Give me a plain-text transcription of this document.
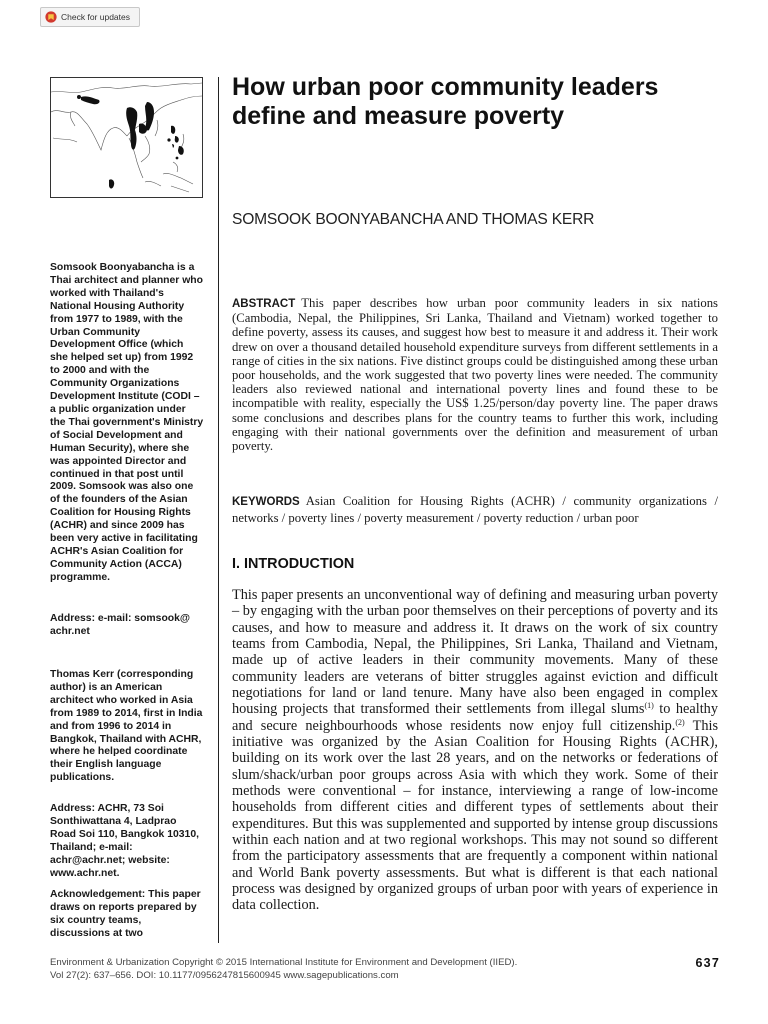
Check for updates

Somsook Boonyabancha is a Thai architect and planner who worked with Thailand's National Housing Authority from 1977 to 1989, with the Urban Community Development Office (which she helped set up) from 1992 to 2000 and with the Community Organizations Development Institute (CODI – a public organization under the Thai government's Ministry of Social Development and Human Security), where she was appointed Director and continued in that post until 2009. Somsook was also one of the founders of the Asian Coalition for Housing Rights (ACHR) and since 2009 has been very active in facilitating ACHR's Asian Coalition for Community Action (ACCA) programme.

Address: e-mail: somsook@ achr.net

Thomas Kerr (corresponding author) is an American architect who worked in Asia from 1989 to 2014, first in India and from 1996 to 2014 in Bangkok, Thailand with ACHR, where he helped coordinate their English language publications.

Address: ACHR, 73 Soi Sonthiwattana 4, Ladprao Road Soi 110, Bangkok 10310, Thailand; e-mail: achr@achr.net; website: www.achr.net.

Acknowledgement: This paper draws on reports prepared by six country teams, discussions at two

How urban poor community leaders define and measure poverty
SOMSOOK BOONYABANCHA AND THOMAS KERR

ABSTRACT This paper describes how urban poor community leaders in six nations (Cambodia, Nepal, the Philippines, Sri Lanka, Thailand and Vietnam) worked together to define poverty, assess its causes, and suggest how best to measure it and address it. Their work drew on over a thousand detailed household expenditure surveys from different settlements in a range of cities in the six nations. Five distinct groups could be distinguished among these urban poor households, and the work suggested that two poverty lines were needed. The community leaders also reviewed national and international poverty lines and found these to be incompatible with reality, especially the US$ 1.25/person/day poverty line. The paper draws some conclusions and describes plans for the country teams to further this work, including engaging with their national governments over the definition and measurement of urban poverty.

KEYWORDS Asian Coalition for Housing Rights (ACHR) / community organizations / networks / poverty lines / poverty measurement / poverty reduction / urban poor

I. INTRODUCTION

This paper presents an unconventional way of defining and measuring urban poverty – by engaging with the urban poor themselves on their perceptions of poverty and its causes, and how to measure and address it. It draws on the work of six country teams from Cambodia, Nepal, the Philippines, Sri Lanka, Thailand and Vietnam, made up of active leaders in their community movements. Many of these community leaders are veterans of bitter struggles against eviction and difficult negotiations for land or land tenure. Many have also been engaged in complex housing projects that transformed their settlements from illegal slums$^{(1)}$ to healthy and secure neighbourhoods whose residents now enjoy full citizenship.$^{(2)}$ This initiative was organized by the Asian Coalition for Housing Rights (ACHR), building on its work over the last 28 years, and on the networks or federations of slum/shack/urban poor groups across Asia with which they work. Some of their methods were conventional – for instance, interviewing a range of low-income households from different cities and different types of settlements about their expenditures. But this was supplemented and supported by intense group discussions within each nation and at two regional workshops. This may not sound so different from the participatory assessments that are frequently a component within national and World Bank poverty assessments. But what is different is that each national process was designed by organized groups of urban poor with years of experience in data collection.

Environment & Urbanization Copyright © 2015 International Institute for Environment and Development (IIED).
Vol 27(2): 637–656. DOI: 10.1177/0956247815600945 www.sagepublications.com
637
